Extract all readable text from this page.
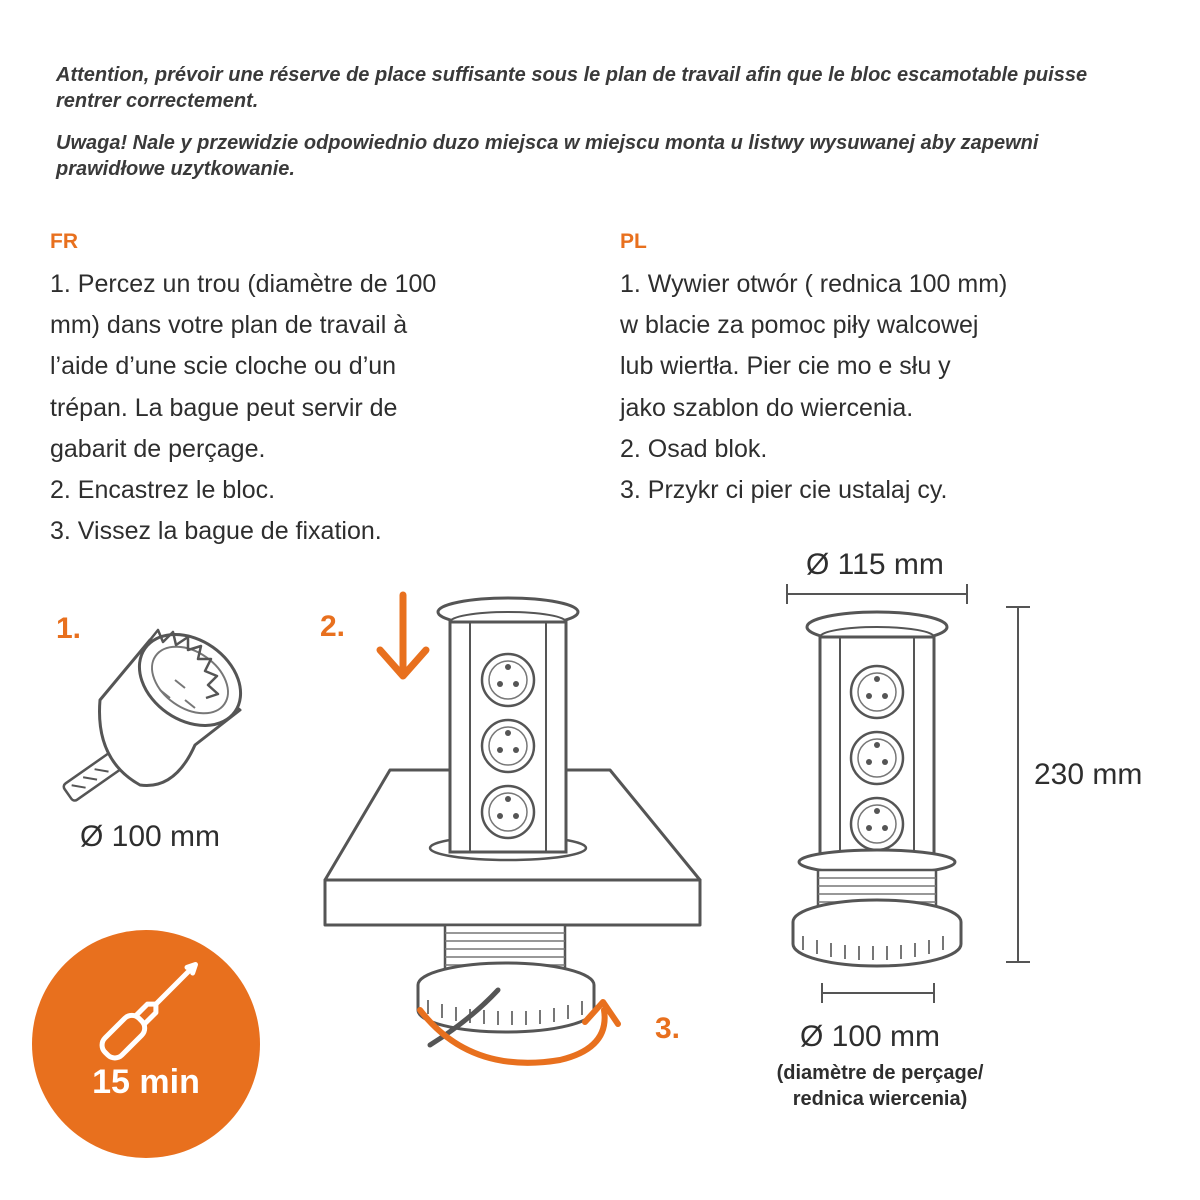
Attention, prévoir une réserve de place suffisante sous le plan de travail afin que le bloc escamotable puisse rentrer correctement.

Uwaga! Nale y przewidzie odpowiednio duzo miejsca w miejscu monta u listwy wysuwanej aby zapewni prawidłowe uzytkowanie.

FR	PL
1. Percez un trou (diamètre de 100
mm) dans votre plan de travail à
l’aide d’une scie cloche ou d’un
trépan. La bague peut servir de
gabarit de perçage.
2. Encastrez le bloc.
3. Vissez la bague de fixation.
1. Wywier otwór ( rednica 100 mm)
w blacie za pomoc piły walcowej
lub wiertła. Pier cie mo e słu y
jako szablon do wiercenia.
2. Osad blok.
3. Przykr ci pier cie ustalaj cy.
1.	2.
3.
Ø 100 mm
Ø 115 mm
230 mm
Ø 100 mm
(diamètre de perçage/
rednica wiercenia)
15 min
